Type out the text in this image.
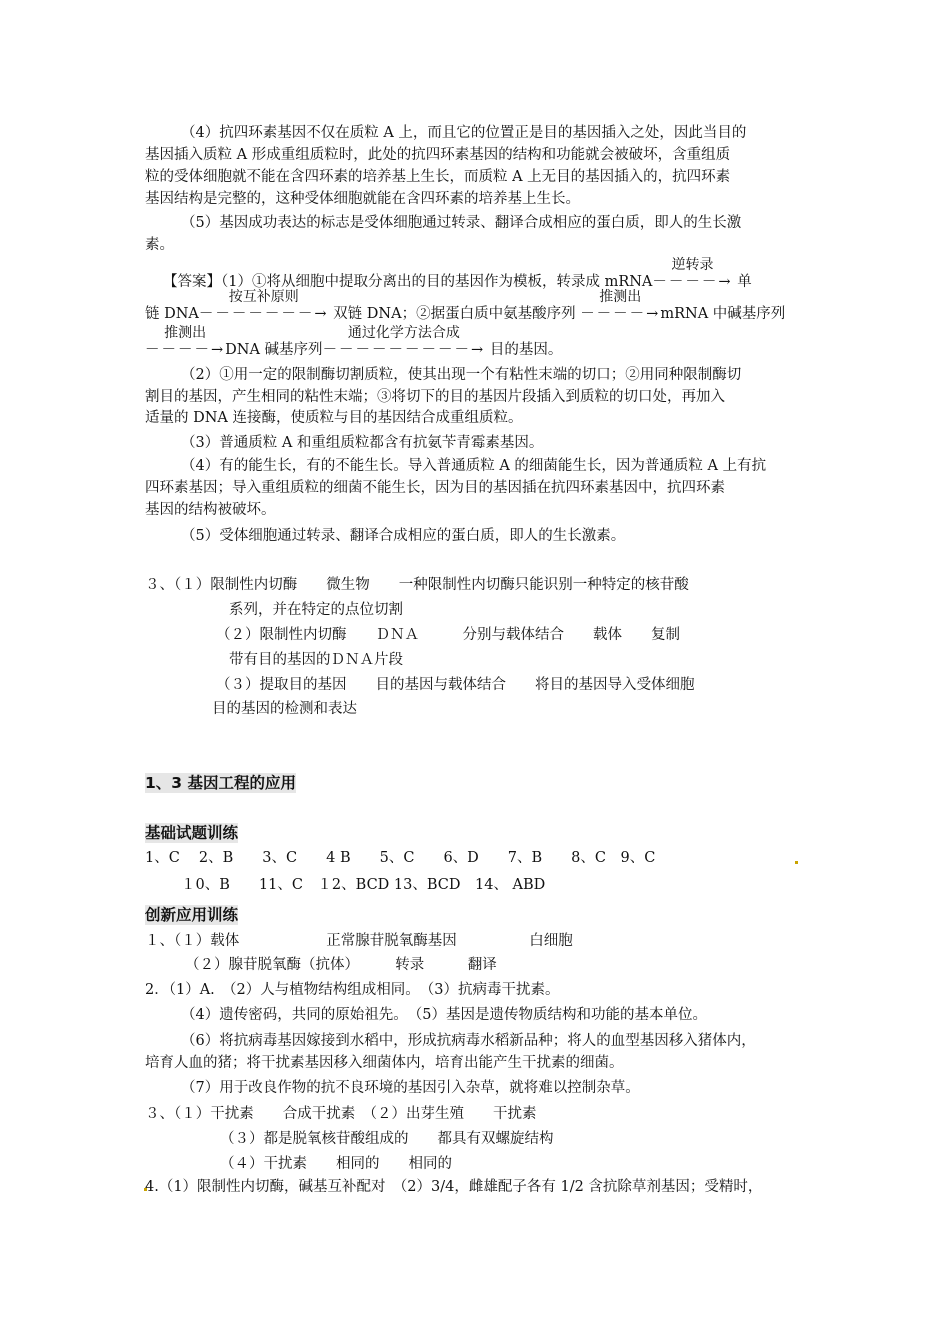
（4）抗四环素基因不仅在质粒 A 上，而且它的位置正是目的基因插入之处，因此当目的
基因插入质粒 A 形成重组质粒时，此处的抗四环素基因的结构和功能就会被破坏，含重组质
粒的受体细胞就不能在含四环素的培养基上生长，而质粒 A 上无目的基因插入的，抗四环素
基因结构是完整的，这种受体细胞就能在含四环素的培养基上生长。
（5）基因成功表达的标志是受体细胞通过转录、翻译合成相应的蛋白质，即人的生长激
素。
【答案】（1）①将从细胞中提取分离出的目的基因作为模板，转录成 mRNA
逆转录
－－－－→ 单
链 DNA
按互补原则
－－－－－－－→ 双链 DNA；②据蛋白质中氨基酸序列
推测出
－－－－→mRNA 中碱基序列
推测出
－－－－→DNA 碱基序列
通过化学方法合成
－－－－－－－－－→ 目的基因。
（2）①用一定的限制酶切割质粒，使其出现一个有粘性末端的切口；②用同种限制酶切
割目的基因，产生相同的粘性末端；③将切下的目的基因片段插入到质粒的切口处，再加入
适量的 DNA 连接酶，使质粒与目的基因结合成重组质粒。
（3）普通质粒 A 和重组质粒都含有抗氨苄青霉素基因。
（4）有的能生长，有的不能生长。导入普通质粒 A 的细菌能生长，因为普通质粒 A 上有抗
四环素基因；导入重组质粒的细菌不能生长，因为目的基因插在抗四环素基因中，抗四环素
基因的结构被破坏。
（5）受体细胞通过转录、翻译合成相应的蛋白质，即人的生长激素。
３、（１）限制性内切酶　　微生物　　一种限制性内切酶只能识别一种特定的核苷酸
系列，并在特定的点位切割
（２）限制性内切酶　　ＤＮＡ　　　分别与载体结合　　载体　　复制
带有目的基因的ＤＮＡ片段
（３）提取目的基因　　目的基因与载体结合　　将目的基因导入受体细胞
目的基因的检测和表达
1、3 基因工程的应用
基础试题训练
1、C　 2、B　　3、C　　4 B　　5、C　　6、D　　7、B　　8、C　9、C
１0、B　　11、C　１2、BCD 13、BCD　14、 ABD
创新应用训练
１、（１）载体　　　　　　正常腺苷脱氧酶基因　　　　　白细胞
（２）腺苷脱氧酶（抗体）　　　转录　　　翻译
2．（1）A.　（2）人与植物结构组成相同。　（3）抗病毒干扰素。
（4）遗传密码，共同的原始祖先。　（5）基因是遗传物质结构和功能的基本单位。
（6）将抗病毒基因嫁接到水稻中，形成抗病毒水稻新品种；将人的血型基因移入猪体内，
培育人血的猪；将干扰素基因移入细菌体内，培育出能产生干扰素的细菌。
（7）用于改良作物的抗不良环境的基因引入杂草，就将难以控制杂草。
３、（１）干扰素　　合成干扰素　（２）出芽生殖　　干扰素
（３）都是脱氧核苷酸组成的　　都具有双螺旋结构
（４）干扰素　　相同的　　相同的
4.（1）限制性内切酶，碱基互补配对　（2）3/4，雌雄配子各有 1/2 含抗除草剂基因；受精时，
